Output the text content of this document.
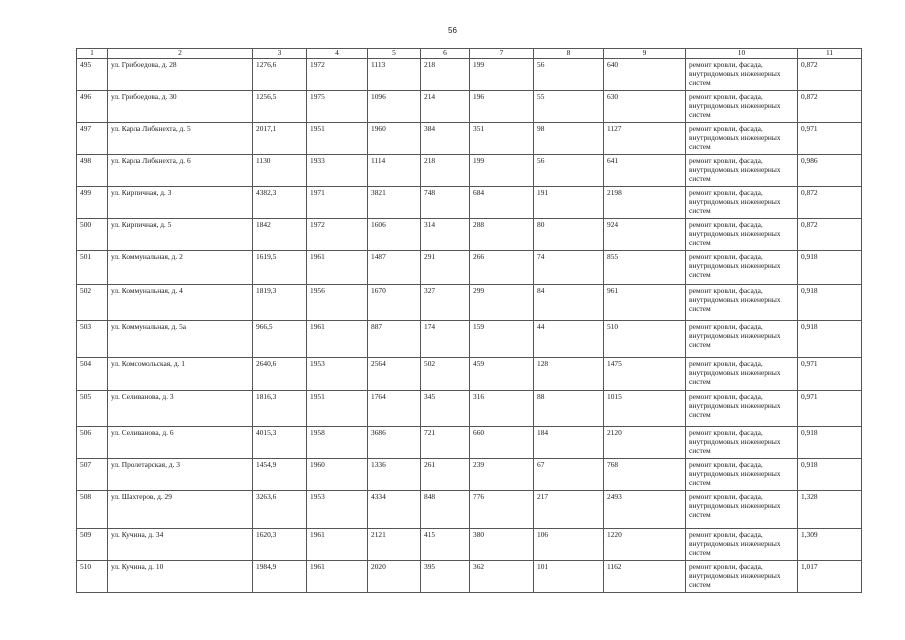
56
1	2	3	4	5	6	7	8	9	10	11
495	ул. Грибоедова, д. 28	1276,6	1972	1113	218	199	56	640	ремонт кровли, фасада, внутридомовых инженерных систем	0,872
496	ул. Грибоедова, д. 30	1256,5	1975	1096	214	196	55	630	ремонт кровли, фасада, внутридомовых инженерных систем	0,872
497	ул. Карла Либкнехта, д. 5	2017,1	1951	1960	384	351	98	1127	ремонт кровли, фасада, внутридомовых инженерных систем	0,971
498	ул. Карла Либкнехта, д. 6	1130	1933	1114	218	199	56	641	ремонт кровли, фасада, внутридомовых инженерных систем	0,986
499	ул. Кирпичная, д. 3	4382,3	1971	3821	748	684	191	2198	ремонт кровли, фасада, внутридомовых инженерных систем	0,872
500	ул. Кирпичная, д. 5	1842	1972	1606	314	288	80	924	ремонт кровли, фасада, внутридомовых инженерных систем	0,872
501	ул. Коммунальная, д. 2	1619,5	1961	1487	291	266	74	855	ремонт кровли, фасада, внутридомовых инженерных систем	0,918
502	ул. Коммунальная, д. 4	1819,3	1956	1670	327	299	84	961	ремонт кровли, фасада, внутридомовых инженерных систем	0,918
503	ул. Коммунальная, д. 5а	966,5	1961	887	174	159	44	510	ремонт кровли, фасада, внутридомовых инженерных систем	0,918
504	ул. Комсомольская, д. 1	2640,6	1953	2564	502	459	128	1475	ремонт кровли, фасада, внутридомовых инженерных систем	0,971
505	ул. Селиванова, д. 3	1816,3	1951	1764	345	316	88	1015	ремонт кровли, фасада, внутридомовых инженерных систем	0,971
506	ул. Селиванова, д. 6	4015,3	1958	3686	721	660	184	2120	ремонт кровли, фасада, внутридомовых инженерных систем	0,918
507	ул. Пролетарская, д. 3	1454,9	1960	1336	261	239	67	768	ремонт кровли, фасада, внутридомовых инженерных систем	0,918
508	ул. Шахтеров, д. 29	3263,6	1953	4334	848	776	217	2493	ремонт кровли, фасада, внутридомовых инженерных систем	1,328
509	ул. Кучина, д. 34	1620,3	1961	2121	415	380	106	1220	ремонт кровли, фасада, внутридомовых инженерных систем	1,309
510	ул. Кучина, д. 10	1984,9	1961	2020	395	362	101	1162	ремонт кровли, фасада, внутридомовых инженерных систем	1,017
